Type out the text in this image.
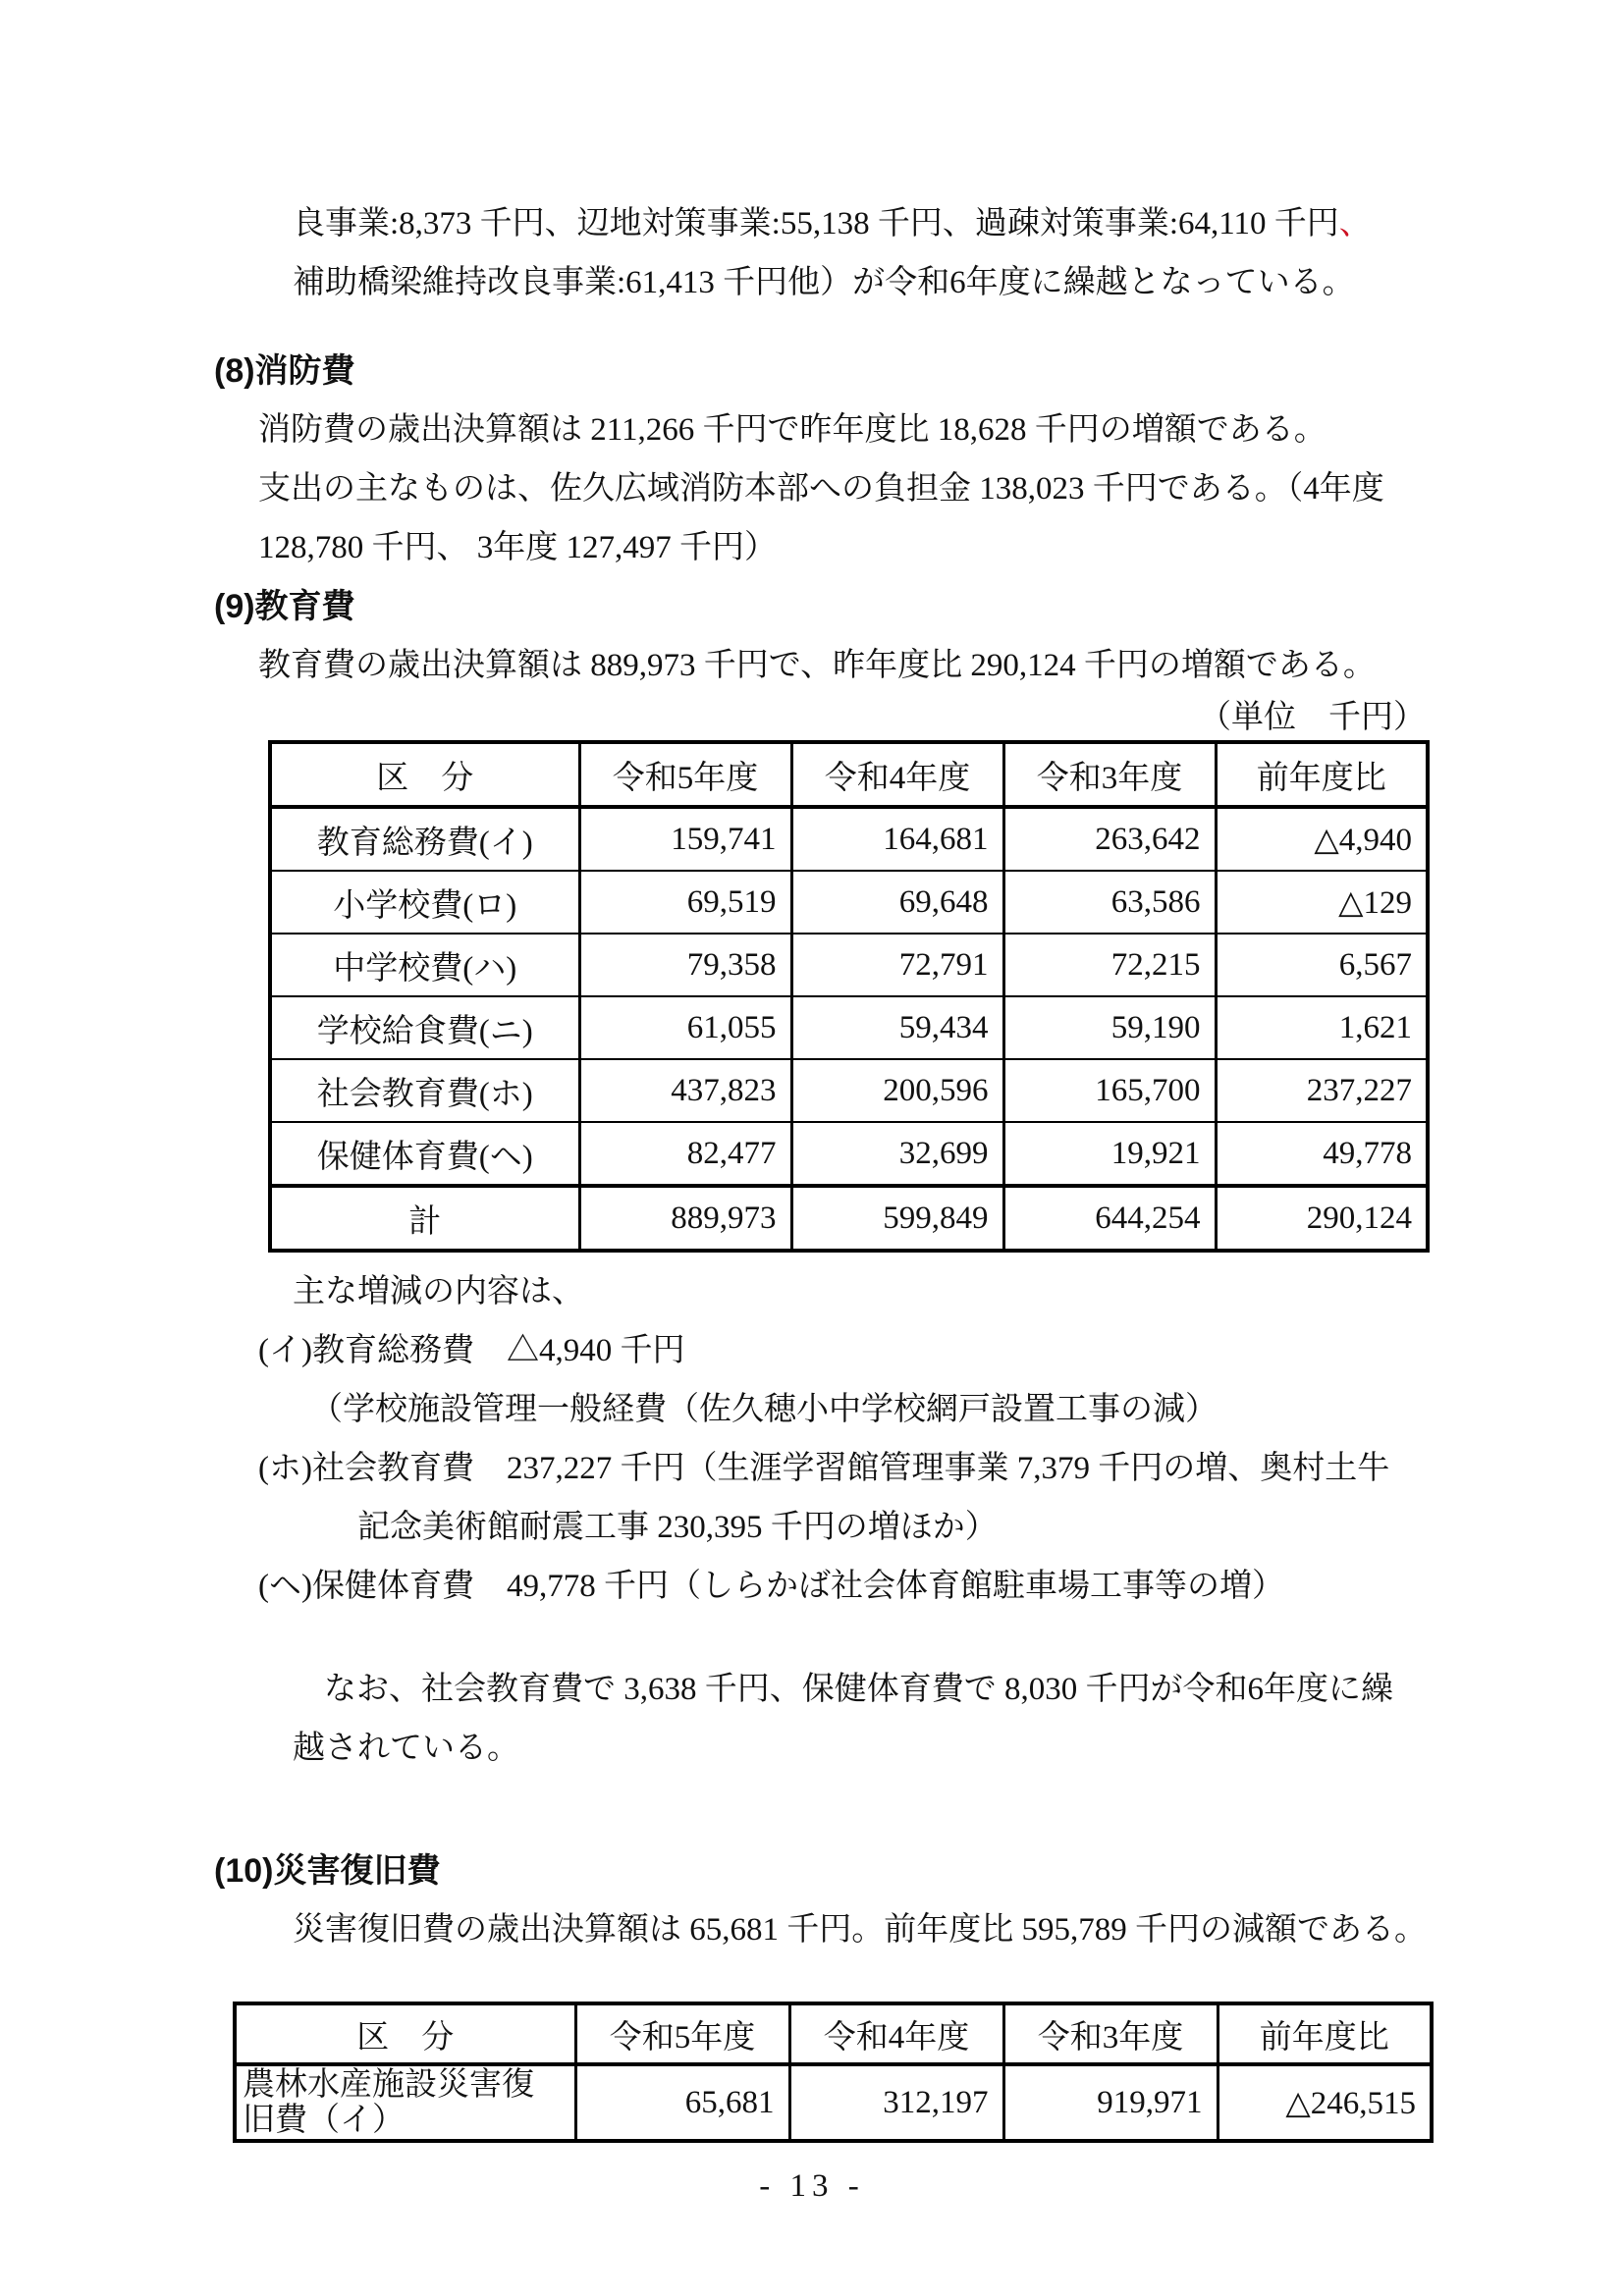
良事業:8,373 千円、辺地対策事業:55,138 千円、過疎対策事業:64,110 千円、

補助橋梁維持改良事業:61,413 千円他）が令和6年度に繰越となっている。

(8)消防費

消防費の歳出決算額は 211,266 千円で昨年度比 18,628 千円の増額である。

支出の主なものは、佐久広域消防本部への負担金 138,023 千円である。（4年度

128,780 千円、 3年度 127,497 千円）

(9)教育費

教育費の歳出決算額は 889,973 千円で、昨年度比 290,124 千円の増額である。

（単位　千円）

区　分	令和5年度	令和4年度	令和3年度	前年度比
教育総務費(イ)	159,741	164,681	263,642	△4,940
小学校費(ロ)	69,519	69,648	63,586	△129
中学校費(ハ)	79,358	72,791	72,215	6,567
学校給食費(ニ)	61,055	59,434	59,190	1,621
社会教育費(ホ)	437,823	200,596	165,700	237,227
保健体育費(ヘ)	82,477	32,699	19,921	49,778
計	889,973	599,849	644,254	290,124

主な増減の内容は、

(イ)教育総務費　△4,940 千円

（学校施設管理一般経費（佐久穂小中学校網戸設置工事の減）

(ホ)社会教育費　237,227 千円（生涯学習館管理事業 7,379 千円の増、奥村土牛

記念美術館耐震工事 230,395 千円の増ほか）

(ヘ)保健体育費　49,778 千円（しらかば社会体育館駐車場工事等の増）

なお、社会教育費で 3,638 千円、保健体育費で 8,030 千円が令和6年度に繰

越されている。

(10)災害復旧費

災害復旧費の歳出決算額は 65,681 千円。前年度比 595,789 千円の減額である。

区　分	令和5年度	令和4年度	令和3年度	前年度比
農林水産施設災害復旧費（イ）	65,681	312,197	919,971	△246,515

- 13 -
